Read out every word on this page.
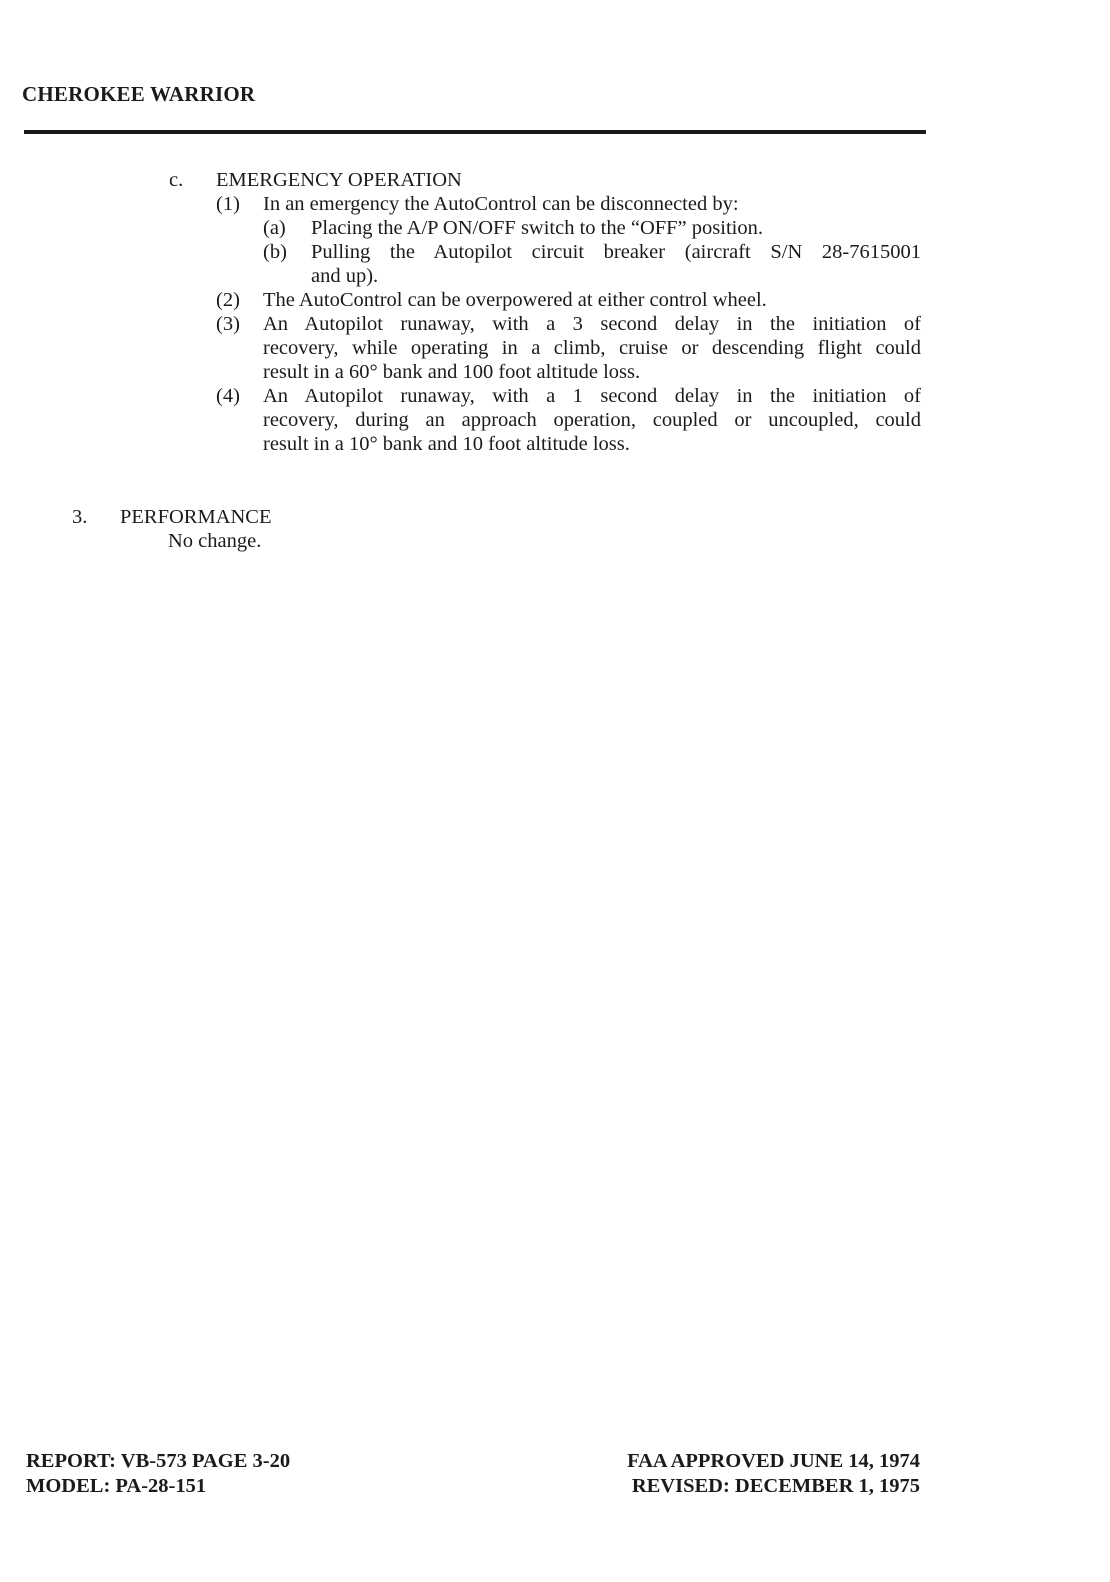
CHEROKEE WARRIOR
c. EMERGENCY OPERATION
(1) In an emergency the AutoControl can be disconnected by:
(a) Placing the A/P ON/OFF switch to the “OFF” position.
(b) Pulling the Autopilot circuit breaker (aircraft S/N 28-7615001
and up).
(2) The AutoControl can be overpowered at either control wheel.
(3) An Autopilot runaway, with a 3 second delay in the initiation of
recovery, while operating in a climb, cruise or descending flight could
result in a 60° bank and 100 foot altitude loss.
(4) An Autopilot runaway, with a 1 second delay in the initiation of
recovery, during an approach operation, coupled or uncoupled, could
result in a 10° bank and 10 foot altitude loss.
3. PERFORMANCE
No change.
REPORT: VB-573 PAGE 3-20
MODEL: PA-28-151
FAA APPROVED JUNE 14, 1974
REVISED: DECEMBER 1, 1975
